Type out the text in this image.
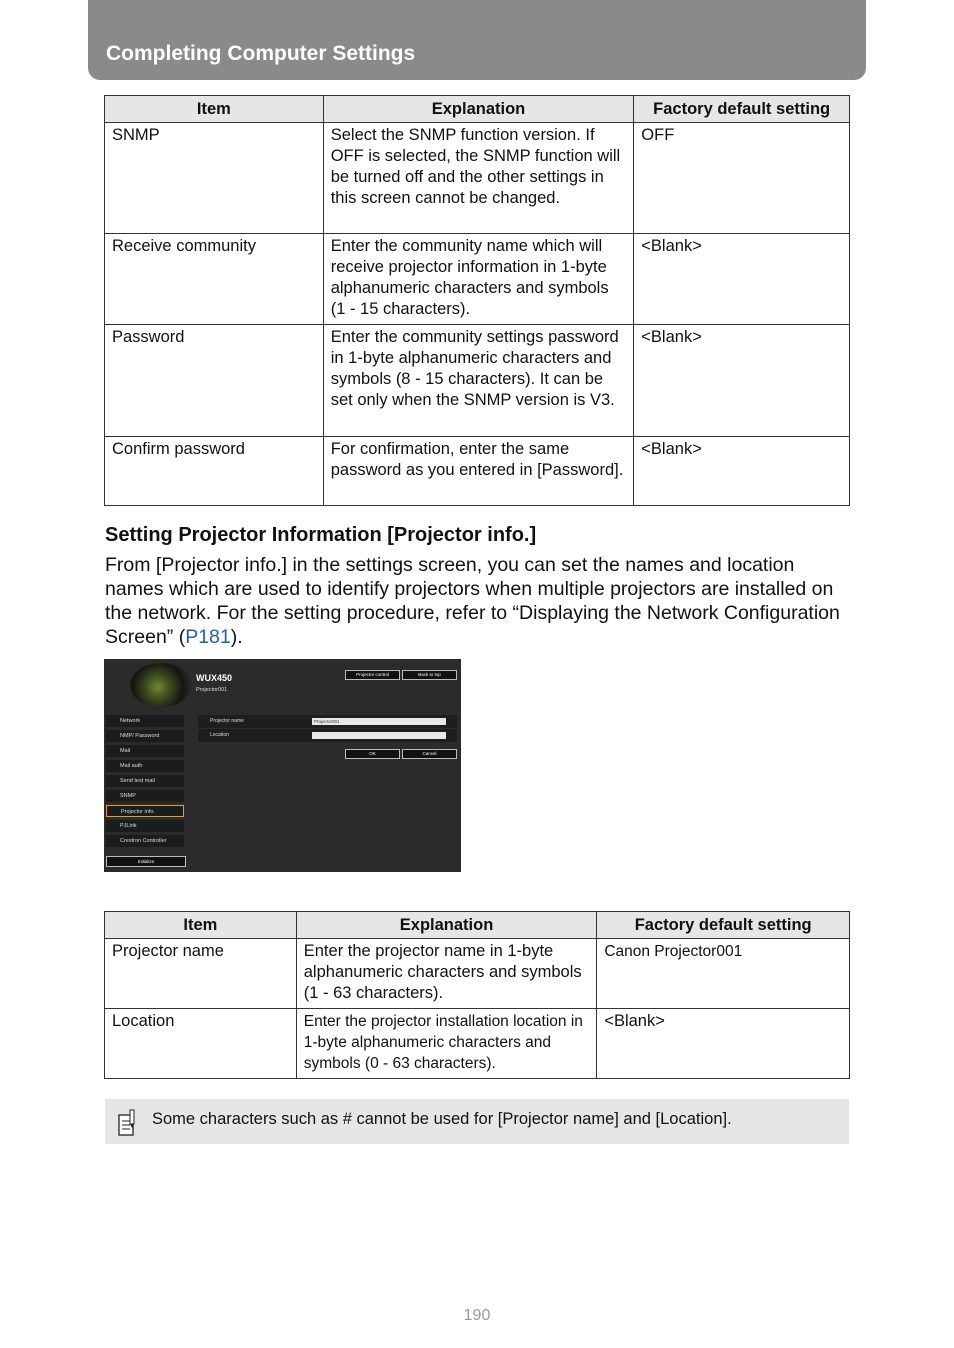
Completing Computer Settings
Item	Explanation	Factory default setting
SNMP	Select the SNMP function version. If OFF is selected, the SNMP function will be turned off and the other settings in this screen cannot be changed.	OFF
Receive community	Enter the community name which will receive projector information in 1-byte alphanumeric characters and symbols (1 - 15 characters).	<Blank>
Password	Enter the community settings password in 1-byte alphanumeric characters and symbols (8 - 15 characters). It can be set only when the SNMP version is V3.	<Blank>
Confirm password	For confirmation, enter the same password as you entered in [Password].	<Blank>
Setting Projector Information [Projector info.]
From [Projector info.] in the settings screen, you can set the names and location names which are used to identify projectors when multiple projectors are installed on the network. For the setting procedure, refer to “Displaying the Network Configuration Screen” (P181).
WUX450
Projector001
Projector control	Back to top
Network
NMP/ Password
Mail
Mail auth
Send test mail
SNMP
Projector info.
PJLink
Crestron Controller
Initialize
Projector name	Projector001
Location
OK	Cancel
Item	Explanation	Factory default setting
Projector name	Enter the projector name in 1-byte alphanumeric characters and symbols (1 - 63 characters).	Canon Projector001
Location	Enter the projector installation location in 1-byte alphanumeric characters and symbols (0 - 63 characters).	<Blank>
Some characters such as # cannot be used for [Projector name] and [Location].
190
